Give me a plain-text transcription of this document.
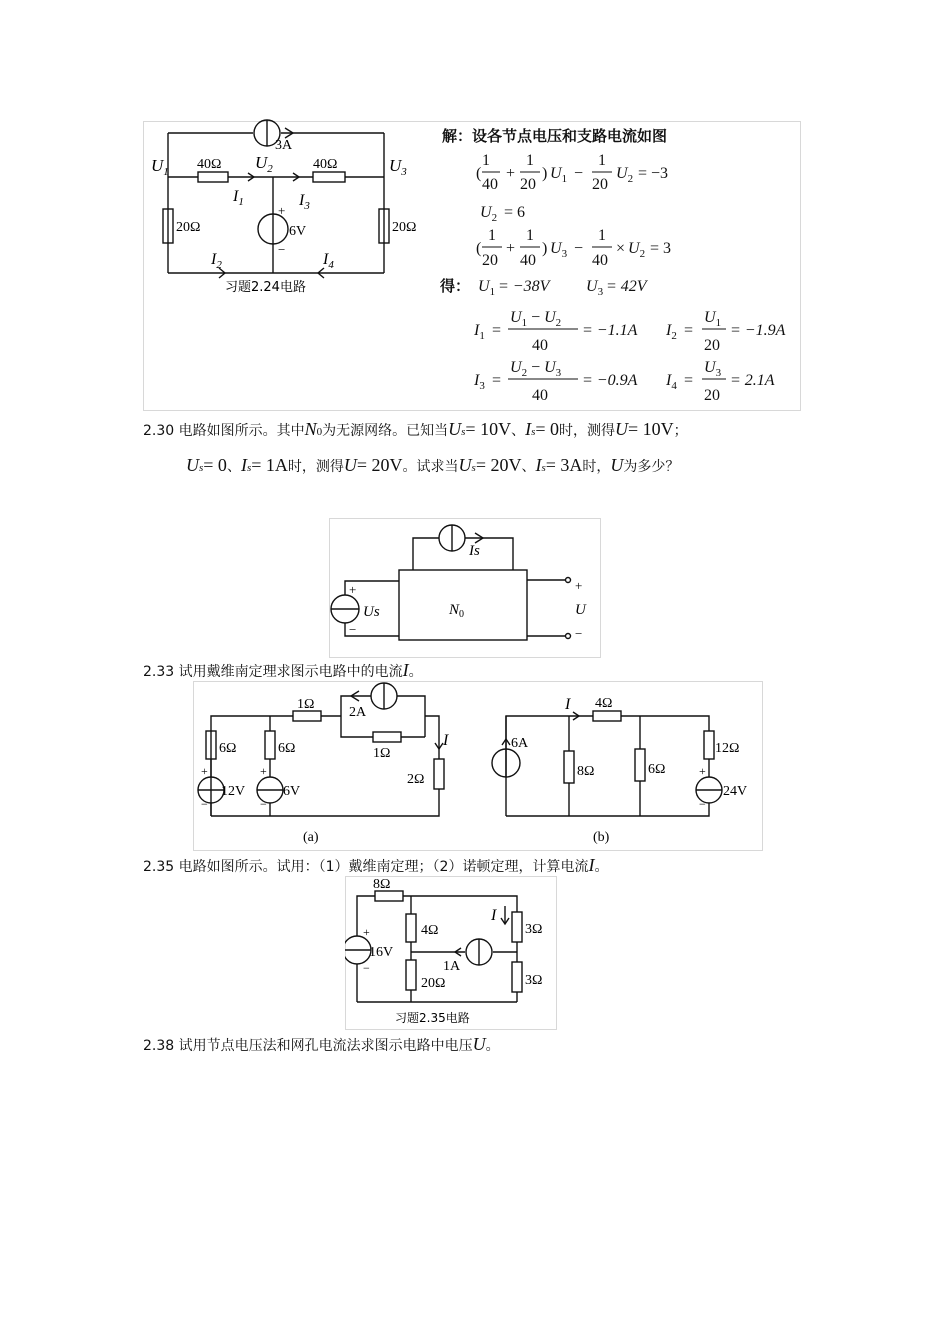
$U_1$	$U_2$	$U_3$
3A
40Ω	40Ω
20Ω	20Ω
6V
+
−
$I_1$	$I_3$
$I_2$	$I_4$
习题2.24电路
解：设各节点电压和支路电流如图
(
1
40
+
1
20
) $U_1$ −
1
20
$U_2 = -3$
$U_2 = 6$
(
1
20
+
1
40
) $U_3$ −
1
40
× $U_2 = 3$
得： $U_1 = -38V$ $U_3 = 42V$
$I_1$ =
$U_1 - U_2$
40
= −1.1A $I_2$ =
$U_1$
20
= −1.9A
$I_3$ =
$U_2 - U_3$
40
= −0.9A $I_4$ =
$U_3$
20
= 2.1A
2.30 电路如图所示。其中N0为无源网络。已知当Us= 10V、Is= 0时，测得U= 10V；
Us= 0、Is= 1A时，测得U= 20V。试求当Us= 20V、Is= 3A时，U为多少？
Is
Us
+
−
$N_0$
+
U
−
2.33 试用戴维南定理求图示电路中的电流I。
1Ω
1Ω
2A
6Ω	6Ω
12V	6V
2Ω
I
(a)
I 4Ω
6A
8Ω	6Ω
12Ω
24V
(b)
+
−
+
−
+
−
2.35 电路如图所示。试用：（1）戴维南定理；（2）诺顿定理，计算电流I。
8Ω
4Ω	3Ω
3Ω
20Ω
16V
1A
I
习题2.35电路
+
−
2.38 试用节点电压法和网孔电流法求图示电路中电压U。
